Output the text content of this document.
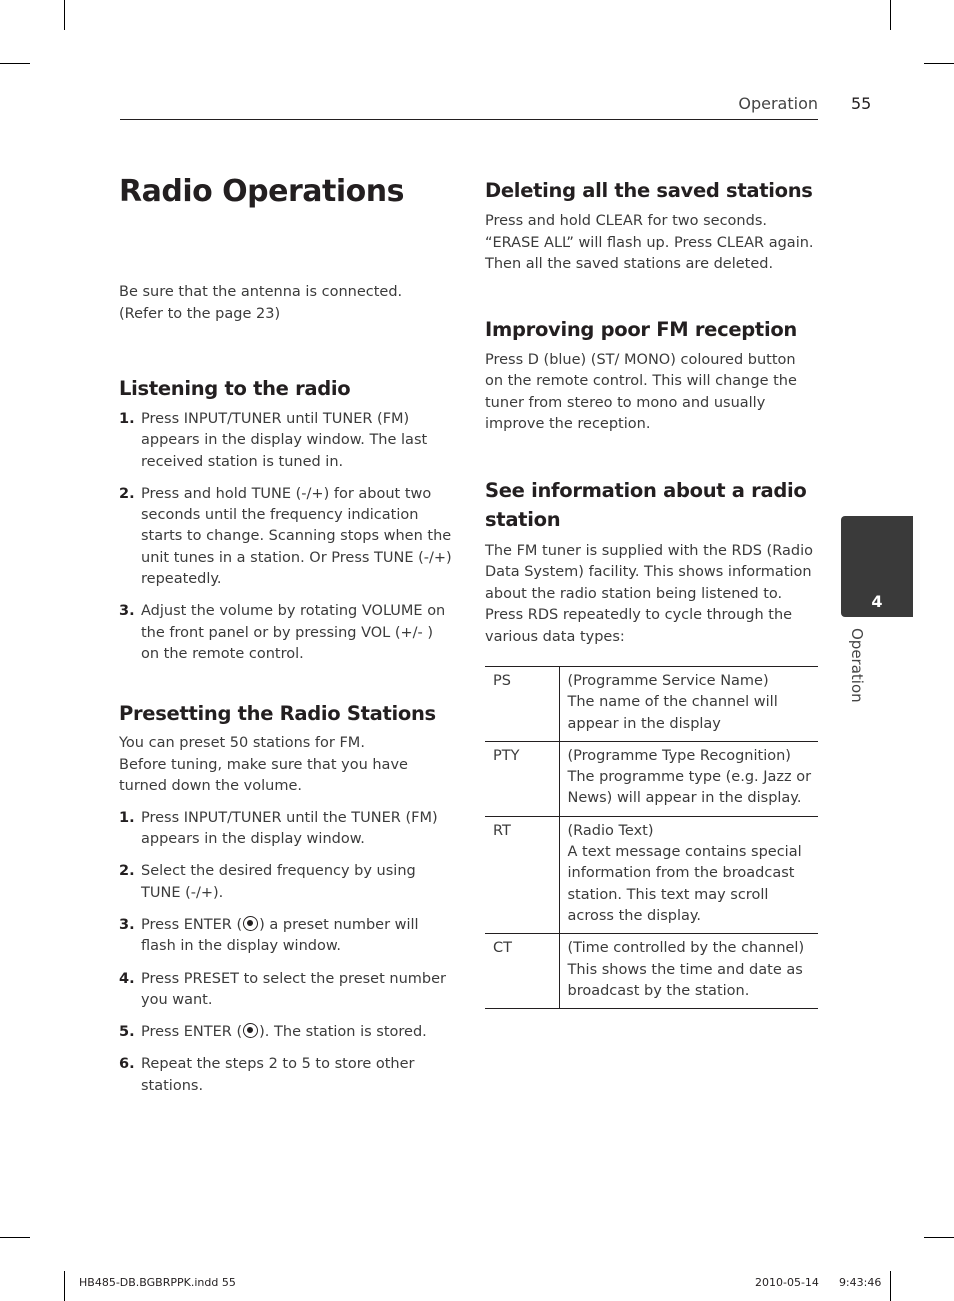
Operation 55
Radio Operations

Be sure that the antenna is connected.
(Refer to the page 23)

Listening to the radio
1. Press INPUT/TUNER until TUNER (FM) appears in the display window. The last received station is tuned in.
2. Press and hold TUNE (-/+) for about two seconds until the frequency indication starts to change. Scanning stops when the unit tunes in a station. Or Press TUNE (-/+) repeatedly.
3. Adjust the volume by rotating VOLUME on the front panel or by pressing VOL (+/- ) on the remote control.
Presetting the Radio Stations

You can preset 50 stations for FM.
Before tuning, make sure that you have turned down the volume.

1. Press INPUT/TUNER until the TUNER (FM) appears in the display window.
2. Select the desired frequency by using TUNE (-/+).
3. Press ENTER ( ) a preset number will flash in the display window.
4. Press PRESET to select the preset number you want.
5. Press ENTER ( ). The station is stored.
6. Repeat the steps 2 to 5 to store other stations.
Deleting all the saved stations

Press and hold CLEAR for two seconds.
“ERASE ALL” will flash up. Press CLEAR again.
Then all the saved stations are deleted.

Improving poor FM reception

Press D (blue) (ST/ MONO) coloured button on the remote control. This will change the tuner from stereo to mono and usually improve the reception.

See information about a radio station

The FM tuner is supplied with the RDS (Radio Data System) facility. This shows information about the radio station being listened to. Press RDS repeatedly to cycle through the various data types:

PS	(Programme Service Name)
The name of the channel will appear in the display
PTY	(Programme Type Recognition)
The programme type (e.g. Jazz or News) will appear in the display.
RT	(Radio Text)
A text message contains special information from the broadcast station. This text may scroll across the display.
CT	(Time controlled by the channel)
This shows the time and date as broadcast by the station.
4
Operation
HB485-DB.BGBRPPK.indd 55	2010-05-14 9:43:46
